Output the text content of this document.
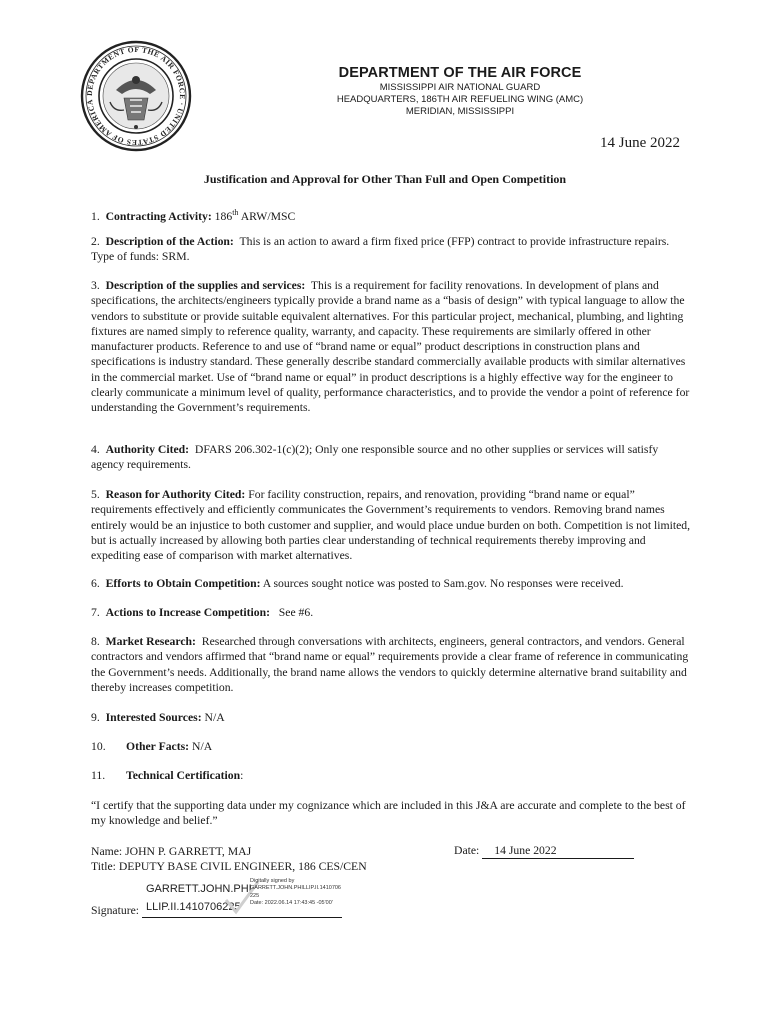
DEPARTMENT OF THE AIR FORCE · UNITED STATES OF AMERICA
DEPARTMENT OF THE AIR FORCE
MISSISSIPPI AIR NATIONAL GUARD
HEADQUARTERS, 186TH AIR REFUELING WING (AMC)
MERIDIAN, MISSISSIPPI
14 June 2022
Justification and Approval for Other Than Full and Open Competition
1. Contracting Activity: 186th ARW/MSC
2. Description of the Action: This is an action to award a firm fixed price (FFP) contract to provide infrastructure repairs. Type of funds: SRM.
3. Description of the supplies and services: This is a requirement for facility renovations. In development of plans and specifications, the architects/engineers typically provide a brand name as a “basis of design” with typical language to allow the vendors to substitute or provide suitable equivalent alternatives. For this particular project, mechanical, plumbing, and lighting fixtures are named simply to reference quality, warranty, and capacity. These requirements are similarly offered in other manufacturer products. Reference to and use of “brand name or equal” product descriptions in construction plans and specifications is industry standard. These generally describe standard commercially available products with similar alternatives in the commercial market. Use of “brand name or equal” in product descriptions is a highly effective way for the engineer to clearly communicate a minimum level of quality, performance characteristics, and to provide the vendor a point of reference for understanding the Government’s requirements.
4. Authority Cited: DFARS 206.302-1(c)(2); Only one responsible source and no other supplies or services will satisfy agency requirements.
5. Reason for Authority Cited: For facility construction, repairs, and renovation, providing “brand name or equal” requirements effectively and efficiently communicates the Government’s requirements to vendors. Removing brand names entirely would be an injustice to both customer and supplier, and would place undue burden on both. Competition is not limited, but is actually increased by allowing both parties clear understanding of technical requirements thereby improving and expediting ease of comparison with market alternatives.
6. Efforts to Obtain Competition: A sources sought notice was posted to Sam.gov. No responses were received.
7. Actions to Increase Competition: See #6.
8. Market Research: Researched through conversations with architects, engineers, general contractors, and vendors. General contractors and vendors affirmed that “brand name or equal” requirements provide a clear frame of reference in communicating the Government’s needs. Additionally, the brand name allows the vendors to quickly determine alternative brand suitability and thereby increases competition.
9. Interested Sources: N/A
10. Other Facts: N/A
11. Technical Certification:
“I certify that the supporting data under my cognizance which are included in this J&A are accurate and complete to the best of my knowledge and belief.”
Name: JOHN P. GARRETT, MAJ
Title: DEPUTY BASE CIVIL ENGINEER, 186 CES/CEN
Date: 14 June 2022
GARRETT.JOHN.PHI
LLIP.II.1410706225
Digitally signed by
GARRETT.JOHN.PHILLIP.II.1410706
225
Date: 2022.06.14 17:43:45 -05'00'
Signature:
